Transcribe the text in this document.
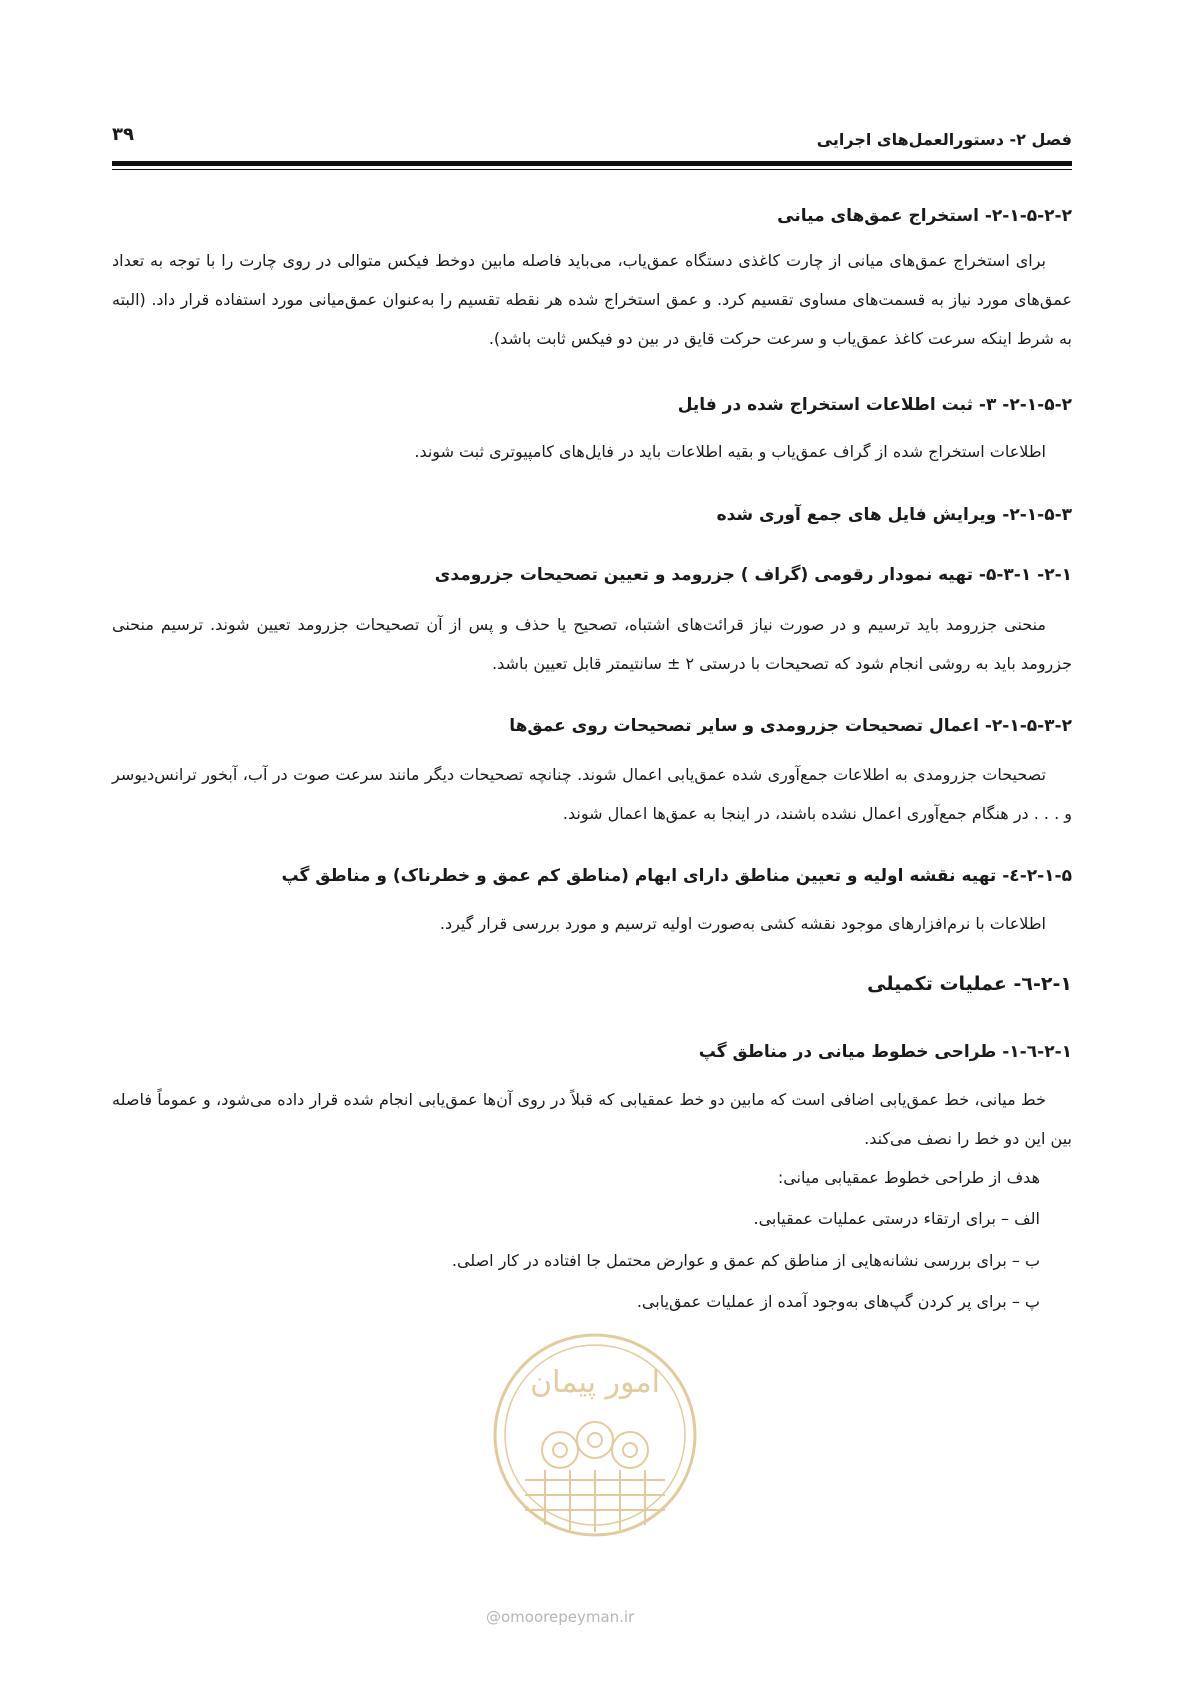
فصل ۲- دستورالعمل‌های اجرایی
۳۹
۲-۱-۵-۲-۲- استخراج عمق‌های میانی

برای استخراج عمق‌های میانی از چارت کاغذی دستگاه عمق‌یاب، می‌باید فاصله مابین دوخط فیکس متوالی در روی چارت را با توجه به تعداد عمق‌های مورد نیاز به قسمت‌های مساوی تقسیم کرد. و عمق استخراج شده هر نقطه تقسیم را به‌عنوان عمق‌میانی مورد استفاده قرار داد. (البته به شرط اینکه سرعت کاغذ عمق‌یاب و سرعت حرکت قایق در بین دو فیکس ثابت باشد).

۲-۱-۵-۲- ۳- ثبت اطلاعات استخراج شده در فایل

اطلاعات استخراج شده از گراف عمق‌یاب و بقیه اطلاعات باید در فایل‌های کامپیوتری ثبت شوند.

۲-۱-۵-۳- ویرایش فایل های جمع آوری شده
۲-۱- ۵-۳-۱- تهیه نمودار رقومی (گراف ) جزرومد و تعیین تصحیحات جزرومدی

منحنی جزرومد باید ترسیم و در صورت نیاز قرائت‌های اشتباه، تصحیح یا حذف و پس از آن تصحیحات جزرومد تعیین شوند. ترسیم منحنی جزرومد باید به روشی انجام شود که تصحیحات با درستی ۲ ± سانتیمتر قابل تعیین باشد.

۲-۱-۵-۳-۲- اعمال تصحیحات جزرومدی و سایر تصحیحات روی عمق‌ها

تصحیحات جزرومدی به اطلاعات جمع‌آوری شده عمق‌یابی اعمال شوند. چنانچه تصحیحات دیگر مانند سرعت صوت در آب، آبخور ترانس‌دیوسر و . . . در هنگام جمع‌آوری اعمال نشده باشند، در اینجا به عمق‌ها اعمال شوند.

۲-۱-۵-٤- تهیه نقشه اولیه و تعیین مناطق دارای ابهام (مناطق کم عمق و خطرناک) و مناطق گپ

اطلاعات با نرم‌افزارهای موجود نقشه کشی به‌صورت اولیه ترسیم و مورد بررسی قرار گیرد.

۲-۱-٦- عملیات تکمیلی
۲-۱-٦-۱- طراحی خطوط میانی در مناطق گپ

خط میانی، خط عمق‌یابی اضافی است که مابین دو خط عمقیابی که قبلاً در روی آن‌ها عمق‌یابی انجام شده قرار داده می‌شود، و عموماً فاصله بین این دو خط را نصف می‌کند.

هدف از طراحی خطوط عمقیابی میانی:
الف – برای ارتقاء درستی عملیات عمقیابی.
ب – برای بررسی نشانه‌هایی از مناطق کم عمق و عوارض محتمل جا افتاده در کار اصلی.
پ – برای پر کردن گپ‌های به‌وجود آمده از عملیات عمق‌یابی.
امور پیمان
@omoorepeyman.ir
